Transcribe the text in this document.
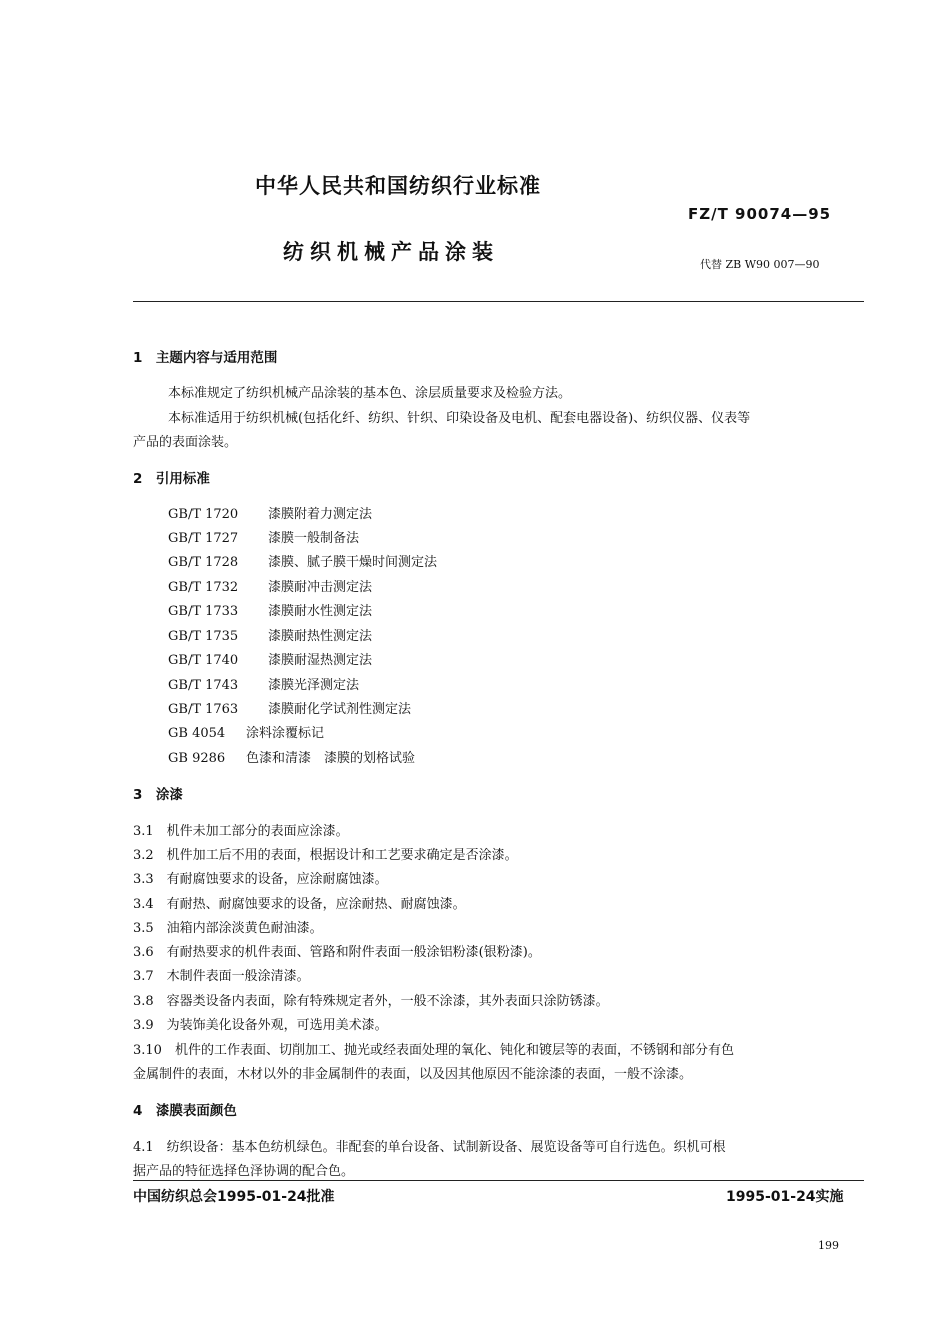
中华人民共和国纺织行业标准
纺织机械产品涂装
FZ/T 90074—95
代替 ZB W90 007—90
1　主题内容与适用范围
本标准规定了纺织机械产品涂装的基本色、涂层质量要求及检验方法。
本标准适用于纺织机械(包括化纤、纺织、针织、印染设备及电机、配套电器设备)、纺织仪器、仪表等
产品的表面涂装。
2　引用标准
GB/T 1720 漆膜附着力测定法
GB/T 1727 漆膜一般制备法
GB/T 1728 漆膜、腻子膜干燥时间测定法
GB/T 1732 漆膜耐冲击测定法
GB/T 1733 漆膜耐水性测定法
GB/T 1735 漆膜耐热性测定法
GB/T 1740 漆膜耐湿热测定法
GB/T 1743 漆膜光泽测定法
GB/T 1763 漆膜耐化学试剂性测定法
GB 4054 涂料涂覆标记
GB 9286 色漆和清漆　漆膜的划格试验
3　涂漆
3.1　机件未加工部分的表面应涂漆。
3.2　机件加工后不用的表面，根据设计和工艺要求确定是否涂漆。
3.3　有耐腐蚀要求的设备，应涂耐腐蚀漆。
3.4　有耐热、耐腐蚀要求的设备，应涂耐热、耐腐蚀漆。
3.5　油箱内部涂淡黄色耐油漆。
3.6　有耐热要求的机件表面、管路和附件表面一般涂铝粉漆(银粉漆)。
3.7　木制件表面一般涂清漆。
3.8　容器类设备内表面，除有特殊规定者外，一般不涂漆，其外表面只涂防锈漆。
3.9　为装饰美化设备外观，可选用美术漆。
3.10　机件的工作表面、切削加工、抛光或经表面处理的氧化、钝化和镀层等的表面，不锈钢和部分有色
金属制件的表面，木材以外的非金属制件的表面，以及因其他原因不能涂漆的表面，一般不涂漆。
4　漆膜表面颜色
4.1　纺织设备：基本色纺机绿色。非配套的单台设备、试制新设备、展览设备等可自行选色。织机可根
据产品的特征选择色泽协调的配合色。
中国纺织总会1995-01-24批准	1995-01-24实施
199
